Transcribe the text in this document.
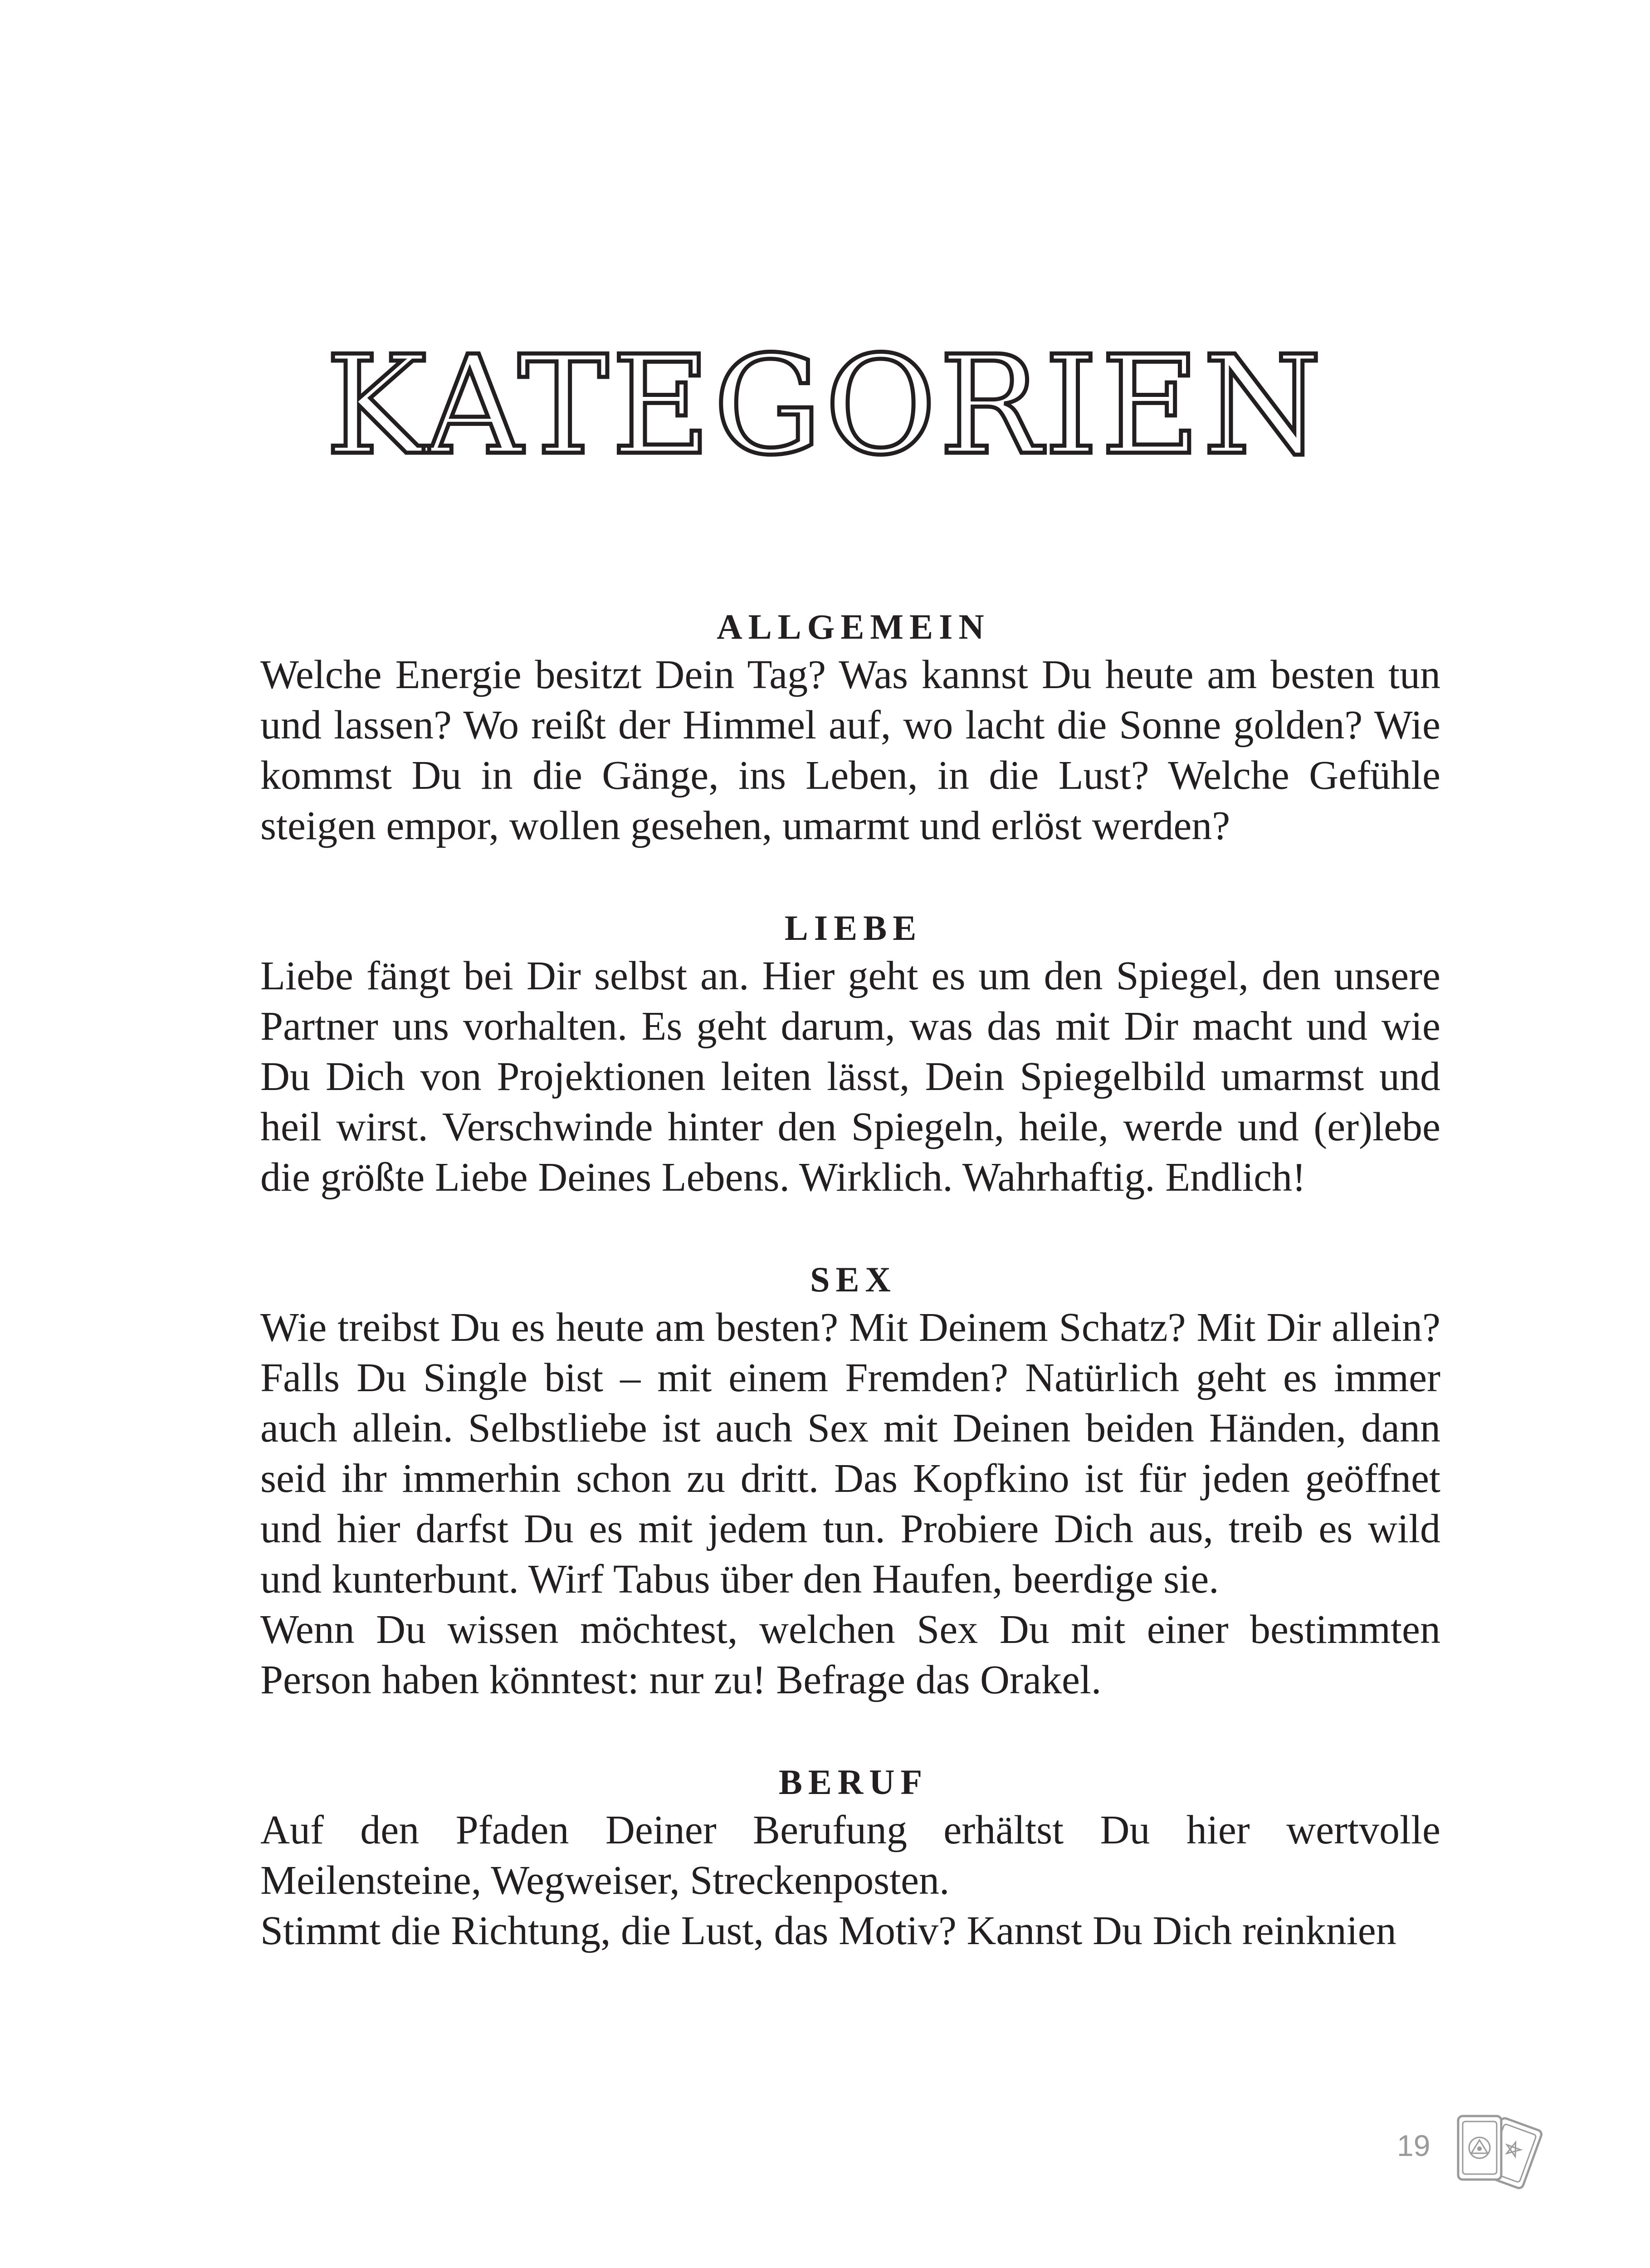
KATEGORIEN
ALLGEMEIN

Welche Energie besitzt Dein Tag? Was kannst Du heute am besten tun und lassen? Wo reißt der Himmel auf, wo lacht die Sonne golden? Wie kommst Du in die Gänge, ins Leben, in die Lust? Welche Gefühle steigen empor, wollen gesehen, umarmt und erlöst werden?

LIEBE

Liebe fängt bei Dir selbst an. Hier geht es um den Spiegel, den unsere Partner uns vorhalten. Es geht darum, was das mit Dir macht und wie Du Dich von Projektionen leiten lässt, Dein Spiegelbild umarmst und heil wirst. Verschwinde hinter den Spiegeln, heile, werde und (er)lebe die größte Liebe Deines Lebens. Wirklich. Wahrhaftig. Endlich!

SEX

Wie treibst Du es heute am besten? Mit Deinem Schatz? Mit Dir allein? Falls Du Single bist – mit einem Fremden? Natürlich geht es immer auch allein. Selbstliebe ist auch Sex mit Deinen beiden Händen, dann seid ihr immerhin schon zu dritt. Das Kopfkino ist für jeden geöffnet und hier darfst Du es mit jedem tun. Probiere Dich aus, treib es wild und kunterbunt. Wirf Tabus über den Haufen, beerdige sie.

Wenn Du wissen möchtest, welchen Sex Du mit einer bestimmten Person haben könntest: nur zu! Befrage das Orakel.

BERUF

Auf den Pfaden Deiner Berufung erhältst Du hier wertvolle Meilensteine, Wegweiser, Streckenposten.

Stimmt die Richtung, die Lust, das Motiv? Kannst Du Dich reinknien

19
